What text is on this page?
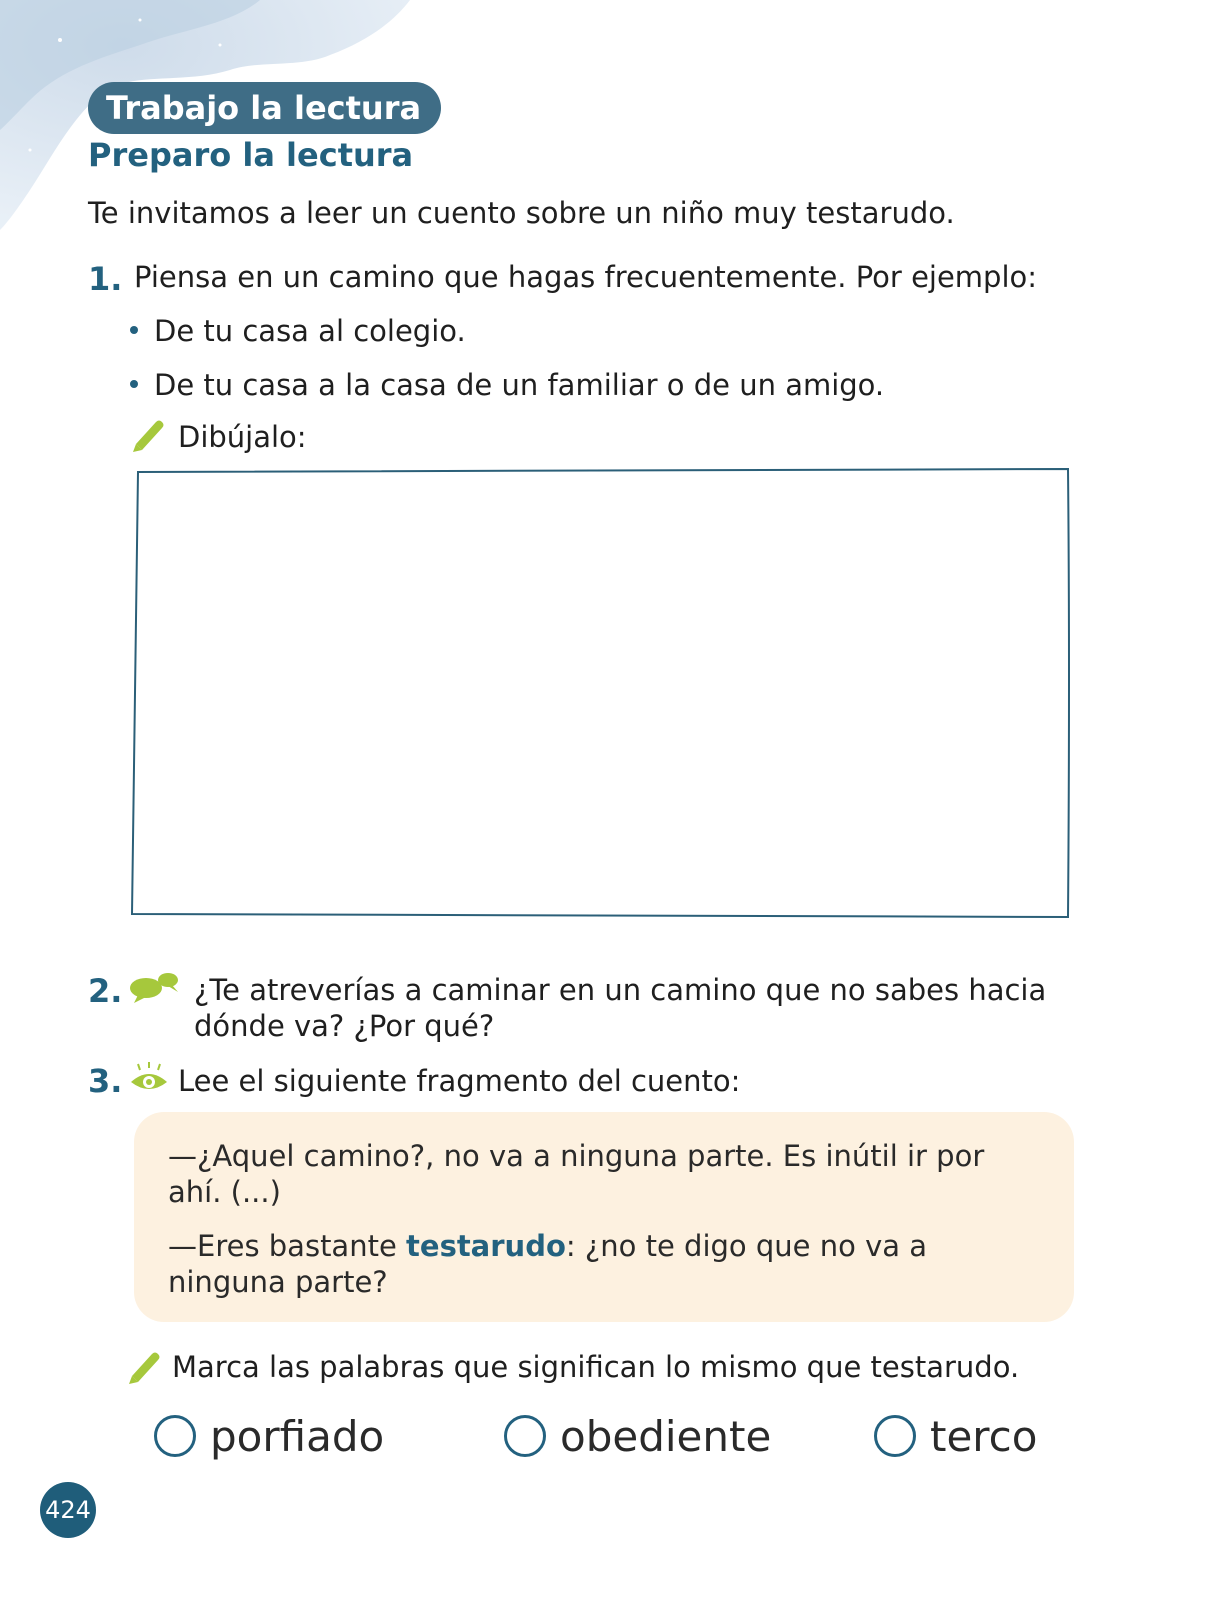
Trabajo la lectura
Preparo la lectura
Te invitamos a leer un cuento sobre un niño muy testarudo.
1. Piensa en un camino que hagas frecuentemente. Por ejemplo:
De tu casa al colegio.
De tu casa a la casa de un familiar o de un amigo.
Dibújalo:
2. ¿Te atreverías a caminar en un camino que no sabes hacia dónde va? ¿Por qué?
3. Lee el siguiente fragmento del cuento:

—¿Aquel camino?, no va a ninguna parte. Es inútil ir por ahí. (...)

—Eres bastante testarudo: ¿no te digo que no va a ninguna parte?

Marca las palabras que significan lo mismo que testarudo.
porfiado	obediente	terco
424
